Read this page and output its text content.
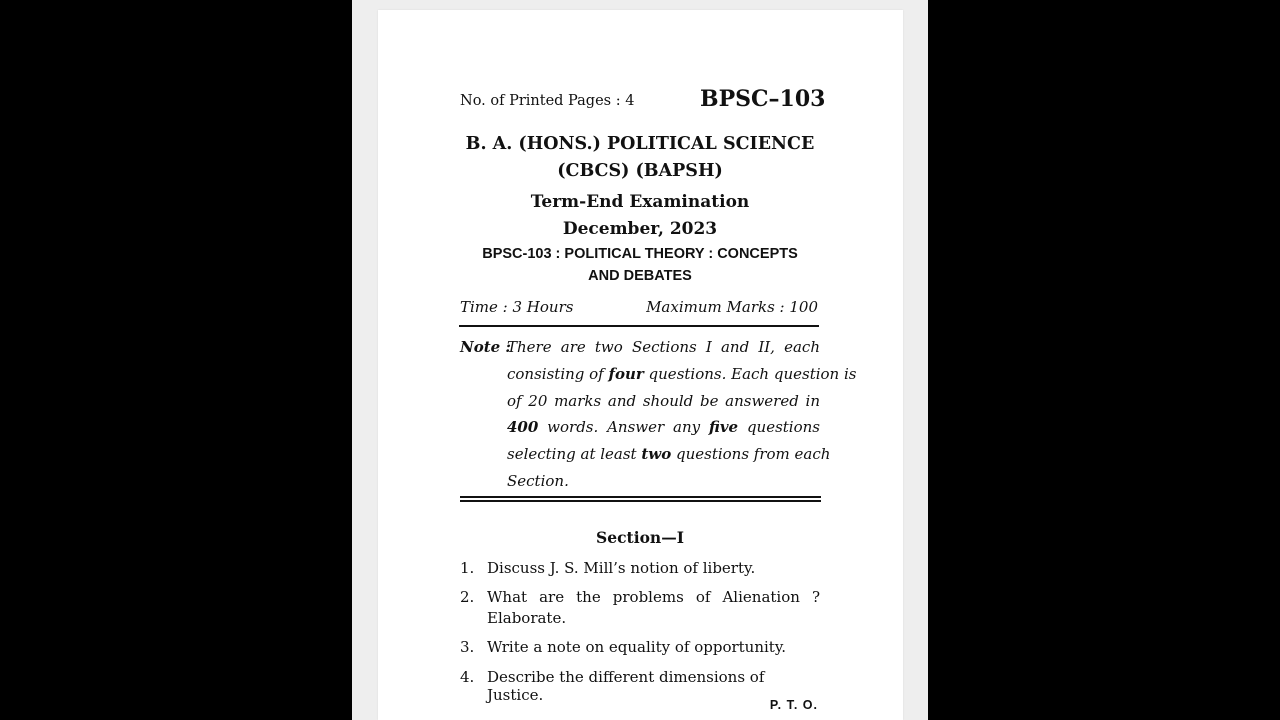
No. of Printed Pages : 4	BPSC–103
B. A. (HONS.) POLITICAL SCIENCE
(CBCS) (BAPSH)
Term-End Examination
December, 2023
BPSC-103 : POLITICAL THEORY : CONCEPTS
AND DEBATES
Time : 3 Hours	Maximum Marks : 100
Note :
There are two Sections I and II, each
consisting of four questions. Each question is
of 20 marks and should be answered in
400 words. Answer any five questions
selecting at least two questions from each
Section.
Section—I
1. Discuss J. S. Mill’s notion of liberty.
2. What are the problems of Alienation ?
Elaborate.
3. Write a note on equality of opportunity.
4. Describe the different dimensions of Justice.
P. T. O.
